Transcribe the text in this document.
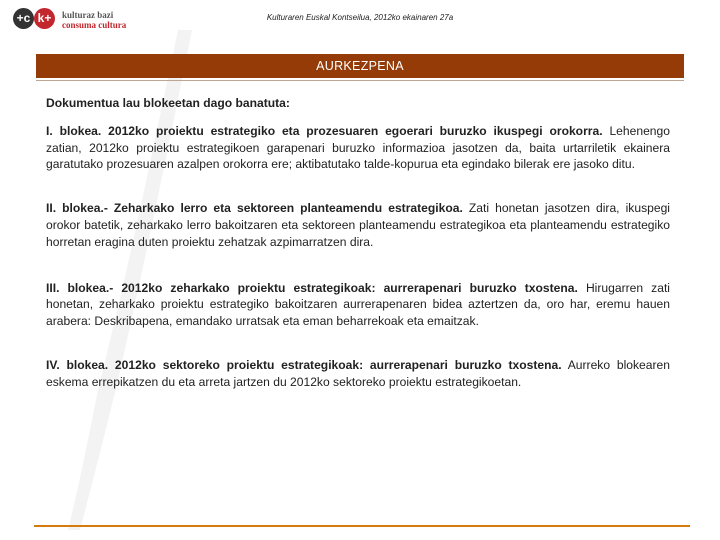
+c k+	kulturaz bazi
consuma cultura
Kulturaren Euskal Kontseilua, 2012ko ekainaren 27a
AURKEZPENA

Dokumentua lau blokeetan dago banatuta:

I. blokea. 2012ko proiektu estrategiko eta prozesuaren egoerari buruzko ikuspegi orokorra. Lehenengo zatian, 2012ko proiektu estrategikoen garapenari buruzko informazioa jasotzen da, baita urtarriletik ekainera garatutako prozesuaren azalpen orokorra ere; aktibatutako talde-kopurua eta egindako bilerak ere jasoko ditu.

II. blokea.- Zeharkako lerro eta sektoreen planteamendu estrategikoa. Zati honetan jasotzen dira, ikuspegi orokor batetik, zeharkako lerro bakoitzaren eta sektoreen planteamendu estrategikoa eta planteamendu estrategiko horretan eragina duten proiektu zehatzak azpimarratzen dira.

III. blokea.- 2012ko zeharkako proiektu estrategikoak: aurrerapenari buruzko txostena. Hirugarren zati honetan, zeharkako proiektu estrategiko bakoitzaren aurrerapenaren bidea aztertzen da, oro har, eremu hauen arabera: Deskribapena, emandako urratsak eta eman beharrekoak eta emaitzak.

IV. blokea. 2012ko sektoreko proiektu estrategikoak: aurrerapenari buruzko txostena. Aurreko blokearen eskema errepikatzen du eta arreta jartzen du 2012ko sektoreko proiektu estrategikoetan.
